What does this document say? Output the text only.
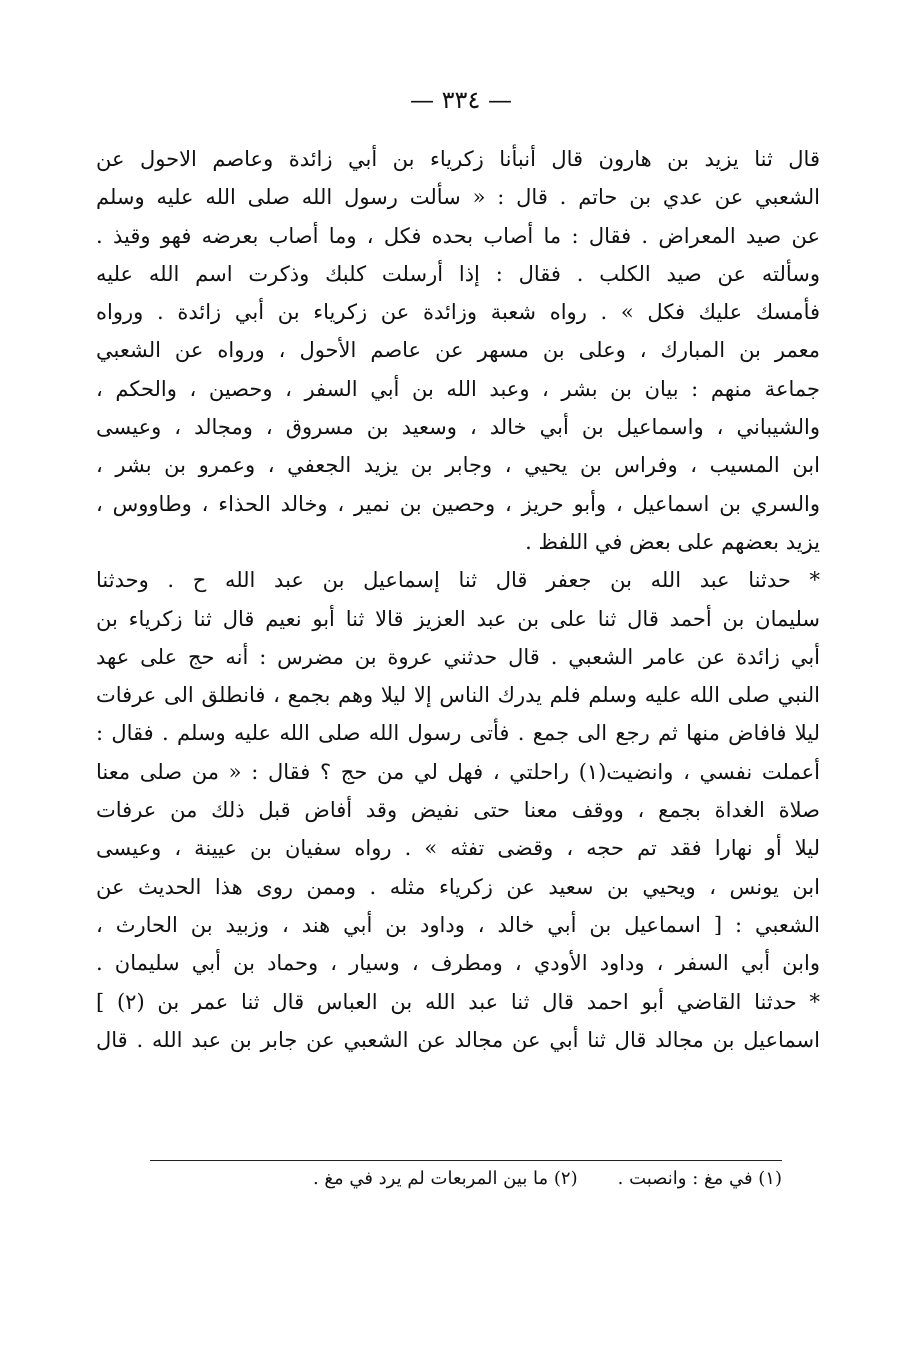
— ٣٣٤ —
قال ثنا يزيد بن هارون قال أنبأنا زكرياء بن أبي زائدة وعاصم الاحول عن
الشعبي عن عدي بن حاتم . قال : « سألت رسول الله صلى الله عليه وسلم
عن صيد المعراض . فقال : ما أصاب بحده فكل ، وما أصاب بعرضه فهو وقيذ .
وسألته عن صيد الكلب . فقال : إذا أرسلت كلبك وذكرت اسم الله عليه
فأمسك عليك فكل » . رواه شعبة وزائدة عن زكرياء بن أبي زائدة . ورواه
معمر بن المبارك ، وعلى بن مسهر عن عاصم الأحول ، ورواه عن الشعبي
جماعة منهم : بيان بن بشر ، وعبد الله بن أبي السفر ، وحصين ، والحكم ،
والشيباني ، واسماعيل بن أبي خالد ، وسعيد بن مسروق ، ومجالد ، وعيسى
ابن المسيب ، وفراس بن يحيي ، وجابر بن يزيد الجعفي ، وعمرو بن بشر ،
والسري بن اسماعيل ، وأبو حريز ، وحصين بن نمير ، وخالد الحذاء ، وطاووس ،
يزيد بعضهم على بعض في اللفظ .
* حدثنا عبد الله بن جعفر قال ثنا إسماعيل بن عبد الله ح . وحدثنا
سليمان بن أحمد قال ثنا على بن عبد العزيز قالا ثنا أبو نعيم قال ثنا زكرياء بن
أبي زائدة عن عامر الشعبي . قال حدثني عروة بن مضرس : أنه حج على عهد
النبي صلى الله عليه وسلم فلم يدرك الناس إلا ليلا وهم بجمع ، فانطلق الى عرفات
ليلا فافاض منها ثم رجع الى جمع . فأتى رسول الله صلى الله عليه وسلم . فقال :
أعملت نفسي ، وانضيت(١) راحلتي ، فهل لي من حج ؟ فقال : « من صلى معنا
صلاة الغداة بجمع ، ووقف معنا حتى نفيض وقد أفاض قبل ذلك من عرفات
ليلا أو نهارا فقد تم حجه ، وقضى تفثه » . رواه سفيان بن عيينة ، وعيسى
ابن يونس ، ويحيي بن سعيد عن زكرياء مثله . وممن روى هذا الحديث عن
الشعبي : [ اسماعيل بن أبي خالد ، وداود بن أبي هند ، وزبيد بن الحارث ،
وابن أبي السفر ، وداود الأودي ، ومطرف ، وسيار ، وحماد بن أبي سليمان .
* حدثنا القاضي أبو احمد قال ثنا عبد الله بن العباس قال ثنا عمر بن (٢) ]
اسماعيل بن مجالد قال ثنا أبي عن مجالد عن الشعبي عن جابر بن عبد الله . قال
(١) في مغ : وانصبت .(٢) ما بين المربعات لم يرد في مغ .
